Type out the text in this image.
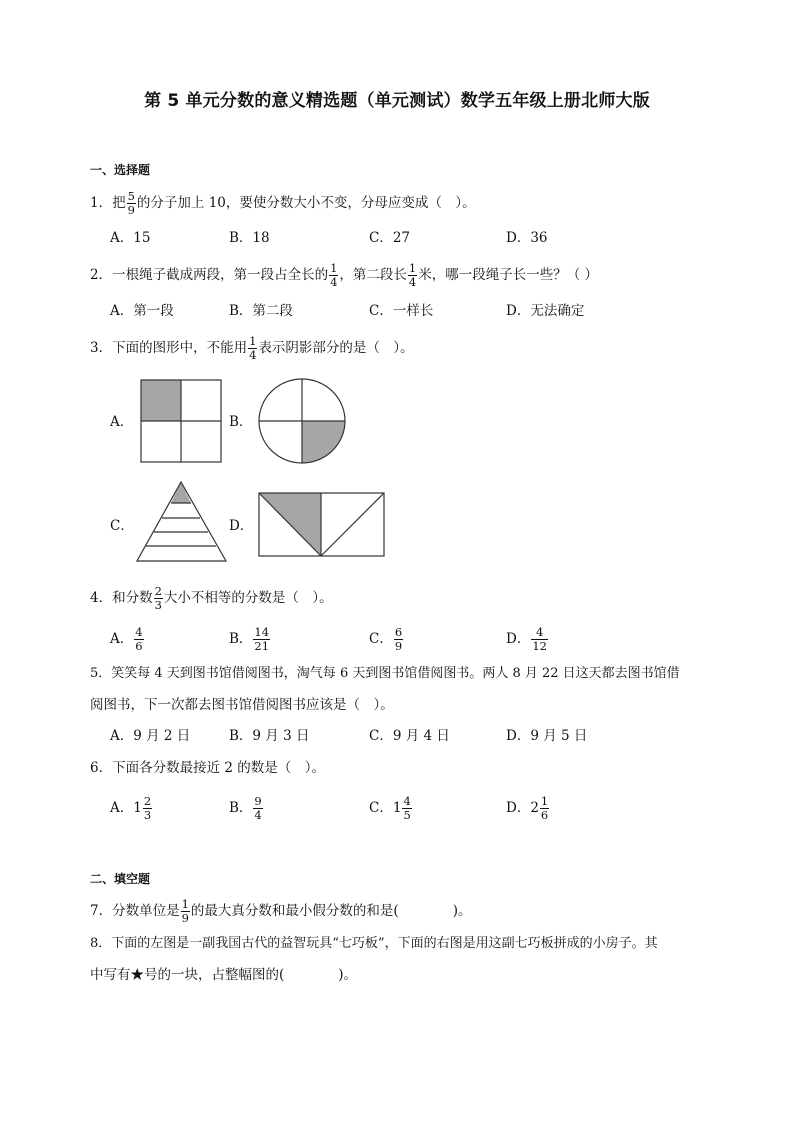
第 5 单元分数的意义精选题（单元测试）数学五年级上册北师大版
一、选择题
1．把 $\frac{5}{9}$ 的分子加上 10，要使分数大小不变，分母应变成（　）。
A．15	B．18	C．27	D．36
2．一根绳子截成两段，第一段占全长的 $\frac{1}{4}$ ，第二段长 $\frac{1}{4}$ 米，哪一段绳子长一些？（ ）
A．第一段	B．第二段	C．一样长	D．无法确定
3．下面的图形中，不能用 $\frac{1}{4}$ 表示阴影部分的是（　）。
A．	B．
C．	D．
4．和分数 $\frac{2}{3}$ 大小不相等的分数是（　）。
A． $\frac{4}{6}$	B． $\frac{14}{21}$	C． $\frac{6}{9}$	D． $\frac{4}{12}$
5．笑笑每 4 天到图书馆借阅图书，淘气每 6 天到图书馆借阅图书。两人 8 月 22 日这天都去图书馆借
阅图书，下一次都去图书馆借阅图书应该是（　）。
A．9 月 2 日	B．9 月 3 日	C．9 月 4 日	D．9 月 5 日
6．下面各分数最接近 2 的数是（　）。
A．$1 \frac{2}{3}$	B． $\frac{9}{4}$	C．$1 \frac{4}{5}$	D．$2 \frac{1}{6}$
二、填空题
7．分数单位是 $\frac{1}{9}$ 的最大真分数和最小假分数的和是(　　　　)。
8．下面的左图是一副我国古代的益智玩具“七巧板”，下面的右图是用这副七巧板拼成的小房子。其
中写有★号的一块，占整幅图的(　　　　)。
